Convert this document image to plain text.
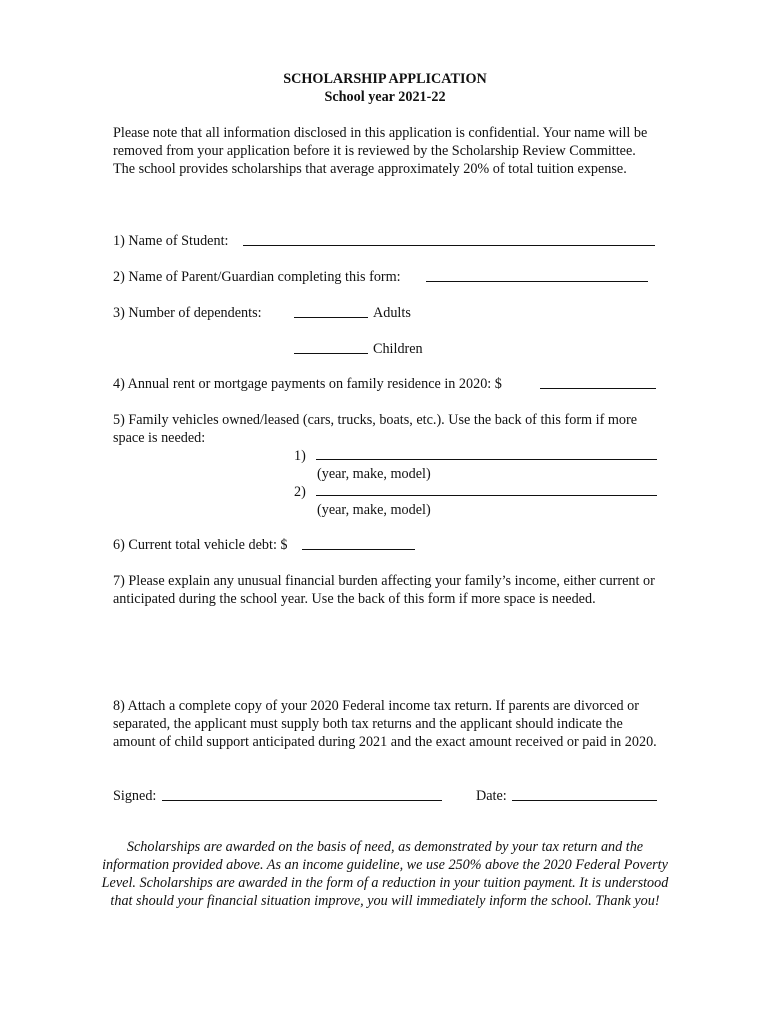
SCHOLARSHIP APPLICATION
School year 2021-22
Please note that all information disclosed in this application is confidential. Your name will be removed from your application before it is reviewed by the Scholarship Review Committee. The school provides scholarships that average approximately 20% of total tuition expense.
1) Name of Student:
2) Name of Parent/Guardian completing this form:
3) Number of dependents:	Adults
Children
4) Annual rent or mortgage payments on family residence in 2020: $
5) Family vehicles owned/leased (cars, trucks, boats, etc.). Use the back of this form if more space is needed:
1)
(year, make, model)
2)
(year, make, model)
6) Current total vehicle debt: $
7) Please explain any unusual financial burden affecting your family’s income, either current or anticipated during the school year. Use the back of this form if more space is needed.
8) Attach a complete copy of your 2020 Federal income tax return. If parents are divorced or separated, the applicant must supply both tax returns and the applicant should indicate the amount of child support anticipated during 2021 and the exact amount received or paid in 2020.
Signed:	Date:
Scholarships are awarded on the basis of need, as demonstrated by your tax return and the information provided above. As an income guideline, we use 250% above the 2020 Federal Poverty Level. Scholarships are awarded in the form of a reduction in your tuition payment. It is understood that should your financial situation improve, you will immediately inform the school. Thank you!
